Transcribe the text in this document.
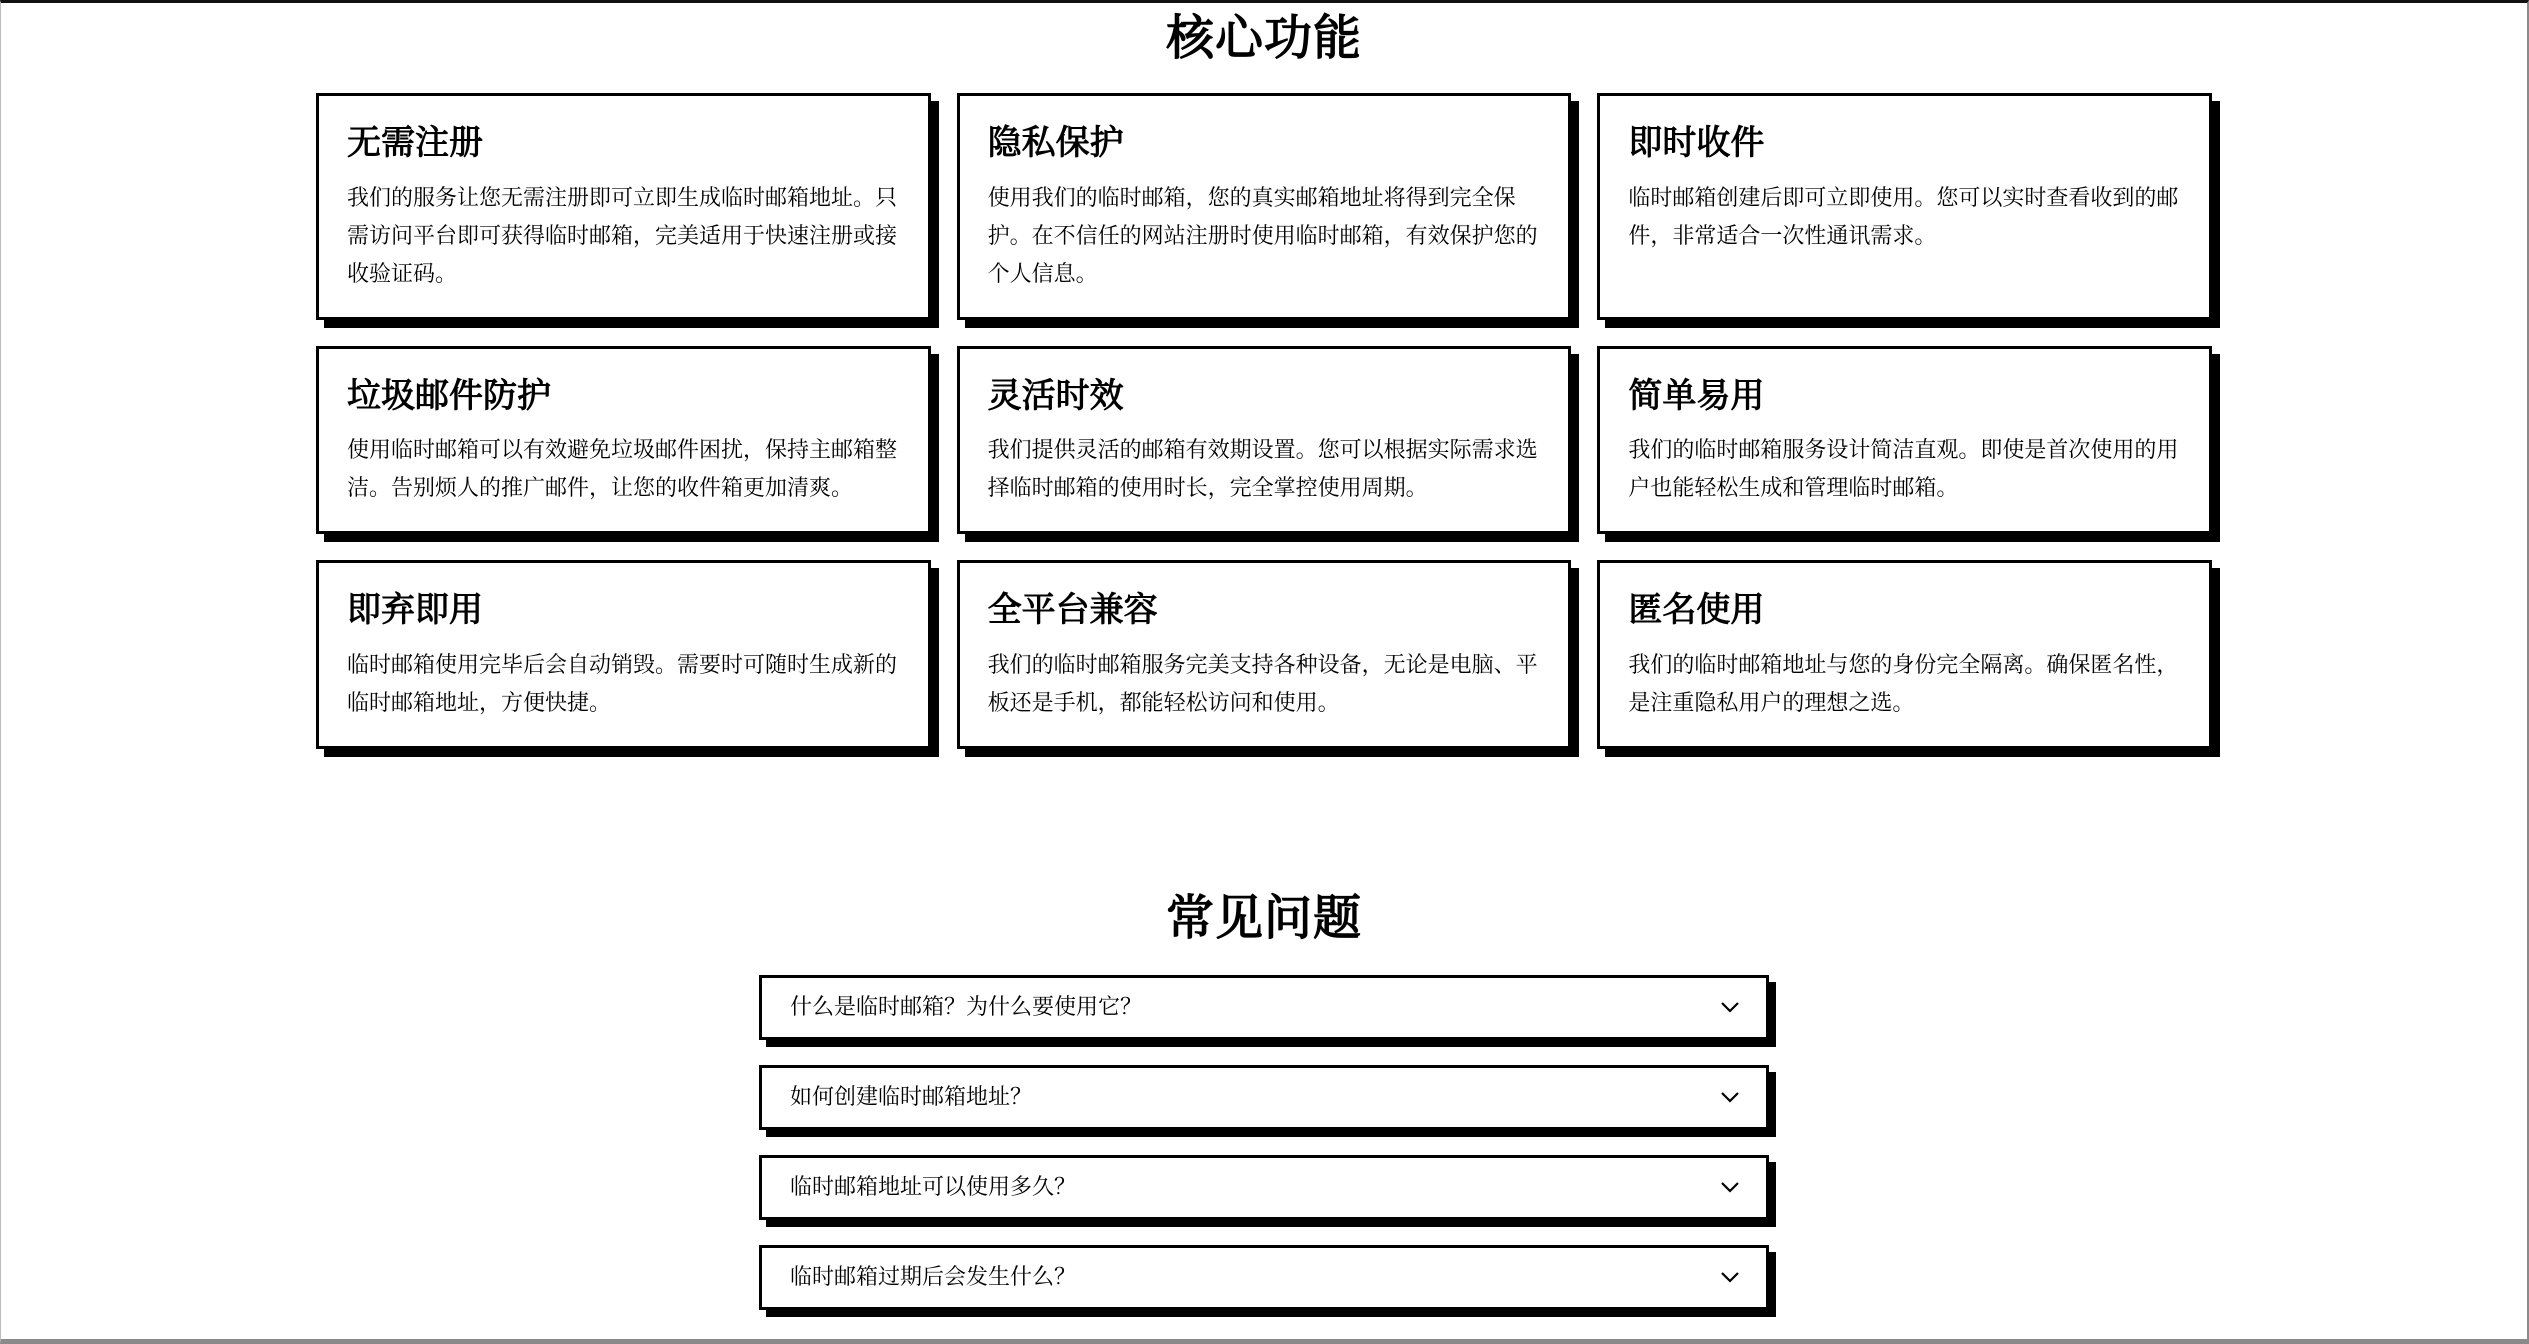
核心功能
无需注册

我们的服务让您无需注册即可立即生成临时邮箱地址。只需访问平台即可获得临时邮箱，完美适用于快速注册或接收验证码。

隐私保护

使用我们的临时邮箱，您的真实邮箱地址将得到完全保护。在不信任的网站注册时使用临时邮箱，有效保护您的个人信息。

即时收件

临时邮箱创建后即可立即使用。您可以实时查看收到的邮件，非常适合一次性通讯需求。

垃圾邮件防护

使用临时邮箱可以有效避免垃圾邮件困扰，保持主邮箱整洁。告别烦人的推广邮件，让您的收件箱更加清爽。

灵活时效

我们提供灵活的邮箱有效期设置。您可以根据实际需求选择临时邮箱的使用时长，完全掌控使用周期。

简单易用

我们的临时邮箱服务设计简洁直观。即使是首次使用的用户也能轻松生成和管理临时邮箱。

即弃即用

临时邮箱使用完毕后会自动销毁。需要时可随时生成新的临时邮箱地址，方便快捷。

全平台兼容

我们的临时邮箱服务完美支持各种设备，无论是电脑、平板还是手机，都能轻松访问和使用。

匿名使用

我们的临时邮箱地址与您的身份完全隔离。确保匿名性，是注重隐私用户的理想之选。

常见问题
什么是临时邮箱？为什么要使用它？
如何创建临时邮箱地址？
临时邮箱地址可以使用多久？
临时邮箱过期后会发生什么？
